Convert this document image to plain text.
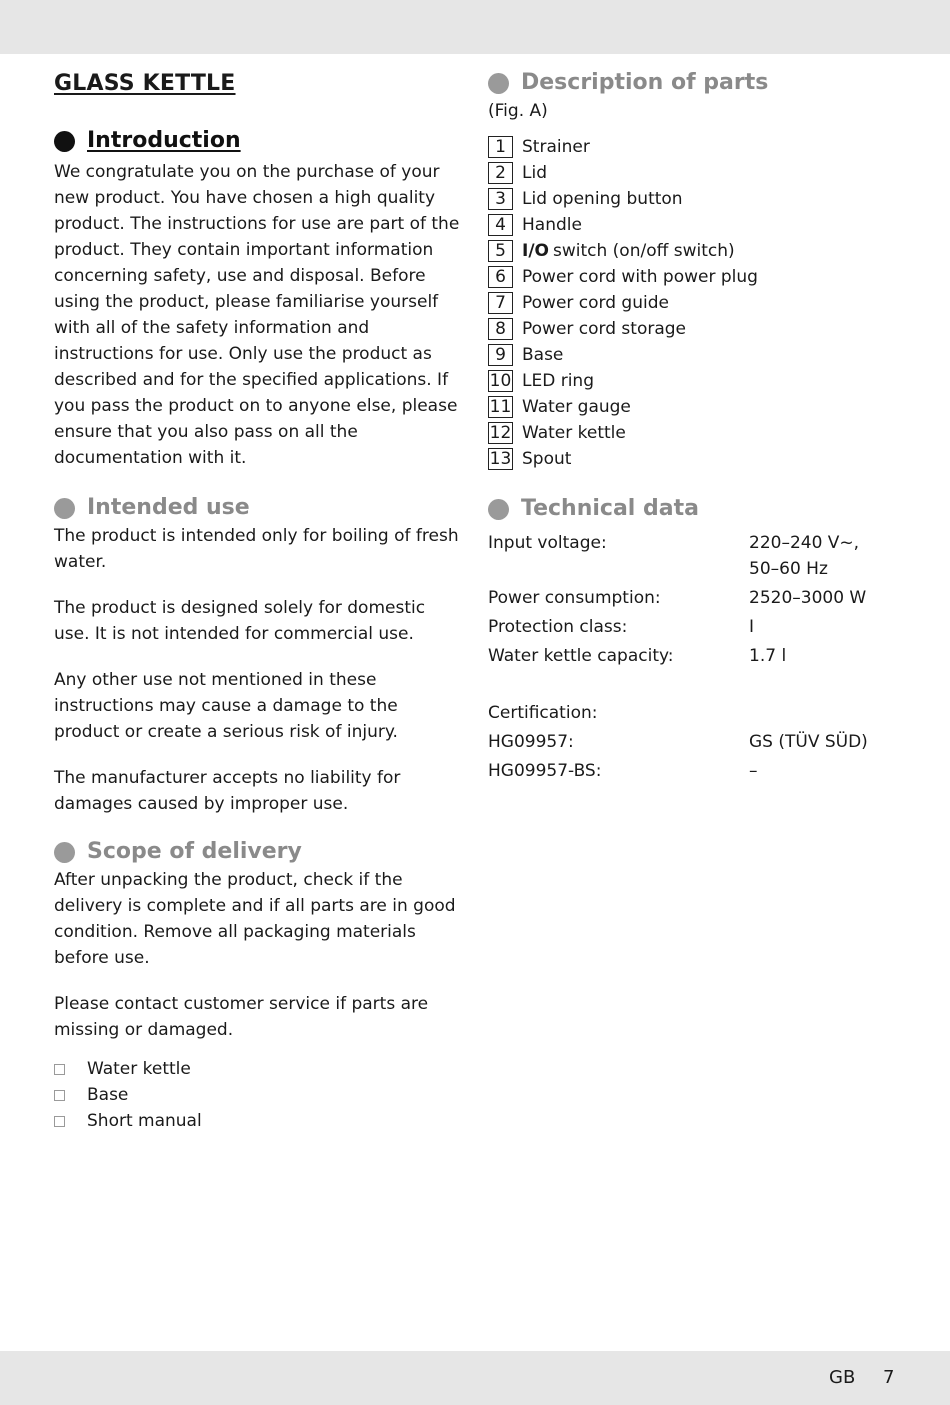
GLASS KETTLE
Introduction
We congratulate you on the purchase of your new product. You have chosen a high quality product. The instructions for use are part of the product. They contain important information concerning safety, use and disposal. Before using the product, please familiarise yourself with all of the safety information and instructions for use. Only use the product as described and for the specified applications. If you pass the product on to anyone else, please ensure that you also pass on all the documentation with it.
Intended use
The product is intended only for boiling of fresh water.
The product is designed solely for domestic use. It is not intended for commercial use.
Any other use not mentioned in these instructions may cause a damage to the product or create a serious risk of injury.
The manufacturer accepts no liability for damages caused by improper use.
Scope of delivery
After unpacking the product, check if the delivery is complete and if all parts are in good condition. Remove all packaging materials before use.
Please contact customer service if parts are missing or damaged.
Water kettle
Base
Short manual
Description of parts
(Fig. A)
1 Strainer
2 Lid
3 Lid opening button
4 Handle
5 I/O switch (on/off switch)
6 Power cord with power plug
7 Power cord guide
8 Power cord storage
9 Base
10 LED ring
11 Water gauge
12 Water kettle
13 Spout
Technical data
Input voltage:	220–240 V~,
50–60 Hz
Power consumption:	2520–3000 W
Protection class:	I
Water kettle capacity:	1.7 l
Certification:
HG09957:	GS (TÜV SÜD)
HG09957-BS:	–
GB 7
